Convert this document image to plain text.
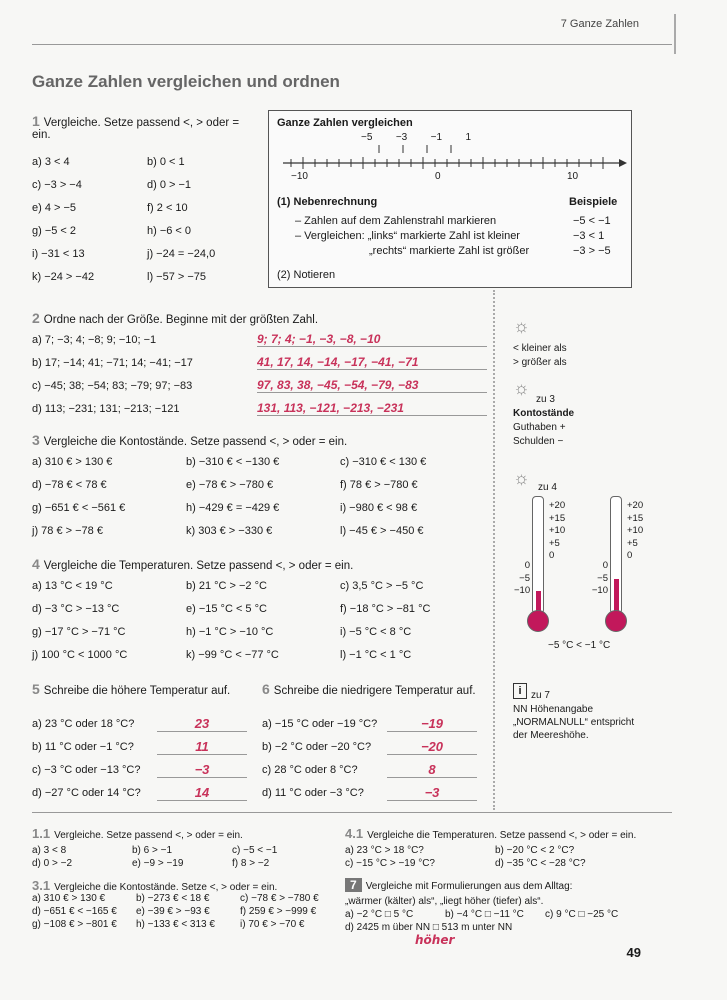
7 Ganze Zahlen
Ganze Zahlen vergleichen und ordnen
1 Vergleiche. Setze passend <, > oder = ein.
a) 3 < 4	b) 0 < 1
c) −3 > −4	d) 0 > −1
e) 4 > −5	f) 2 < 10
g) −5 < 2	h) −6 < 0
i) −31 < 13	j) −24 = −24,0
k) −24 > −42	l) −57 > −75
Ganze Zahlen vergleichen
−5 −3 −1 1
−10	0	10
(1) Nebenrechnung
– Zahlen auf dem Zahlenstrahl markieren
– Vergleichen: „links“ markierte Zahl ist kleiner
„rechts“ markierte Zahl ist größer
Beispiele
−5 < −1
−3 < 1
−3 > −5
(2) Notieren
2 Ordne nach der Größe. Beginne mit der größten Zahl.
a) 7; −3; 4; −8; 9; −10; −1	9; 7; 4; −1, −3, −8, −10
b) 17; −14; 41; −71; 14; −41; −17	41, 17, 14, −14, −17, −41, −71
c) −45; 38; −54; 83; −79; 97; −83	97, 83, 38, −45, −54, −79, −83
d) 113; −231; 131; −213; −121	131, 113, −121, −213, −231
3 Vergleiche die Kontostände. Setze passend <, > oder = ein.
a) 310 € > 130 €	b) −310 € < −130 €	c) −310 € < 130 €
d) −78 € < 78 €	e) −78 € > −780 €	f) 78 € > −780 €
g) −651 € < −561 €	h) −429 € = −429 €	i) −980 € < 98 €
j) 78 € > −78 €	k) 303 € > −330 €	l) −45 € > −450 €
4 Vergleiche die Temperaturen. Setze passend <, > oder = ein.
a) 13 °C < 19 °C	b) 21 °C > −2 °C	c) 3,5 °C > −5 °C
d) −3 °C > −13 °C	e) −15 °C < 5 °C	f) −18 °C > −81 °C
g) −17 °C > −71 °C	h) −1 °C > −10 °C	i) −5 °C < 8 °C
j) 100 °C < 1000 °C	k) −99 °C < −77 °C	l) −1 °C < 1 °C
5 Schreibe die höhere Temperatur auf.
a) 23 °C oder 18 °C?	23
b) 11 °C oder −1 °C?	11
c) −3 °C oder −13 °C?	−3
d) −27 °C oder 14 °C?	14
6 Schreibe die niedrigere Temperatur auf.
a) −15 °C oder −19 °C?	−19
b) −2 °C oder −20 °C?	−20
c) 28 °C oder 8 °C?	8
d) 11 °C oder −3 °C?	−3
☼
< kleiner als
> größer als
☼
zu 3
Kontostände
Guthaben +
Schulden −
☼ zu 4
+20
+15
+10
+5
0
0
−5
−10
+20
+15
+10
+5
0
0
−5
−10
−5 °C < −1 °C
i zu 7
NN Höhenangabe
„NORMALNULL“ entspricht
der Meereshöhe.
1.1 Vergleiche. Setze passend <, > oder = ein.
a) 3 < 8	b) 6 > −1	c) −5 < −1
d) 0 > −2	e) −9 > −19	f) 8 > −2
3.1 Vergleiche die Kontostände. Setze <, > oder = ein.
a) 310 € > 130 €	b) −273 € < 18 €	c) −78 € > −780 €
d) −651 € < −165 € e) −39 € > −93 €	f) 259 € > −999 €
g) −108 € > −801 € h) −133 € < 313 €	i) 70 € > −70 €
4.1 Vergleiche die Temperaturen. Setze passend <, > oder = ein.
a) 23 °C > 18 °C?	b) −20 °C < 2 °C?
c) −15 °C > −19 °C?	d) −35 °C < −28 °C?
7 Vergleiche mit Formulierungen aus dem Alltag:
„wärmer (kälter) als“, „liegt höher (tiefer) als“.
a) −2 °C □ 5 °C	b) −4 °C □ −11 °C c) 9 °C □ −25 °C
d) 2425 m über NN □ 513 m unter NN
höher
49
